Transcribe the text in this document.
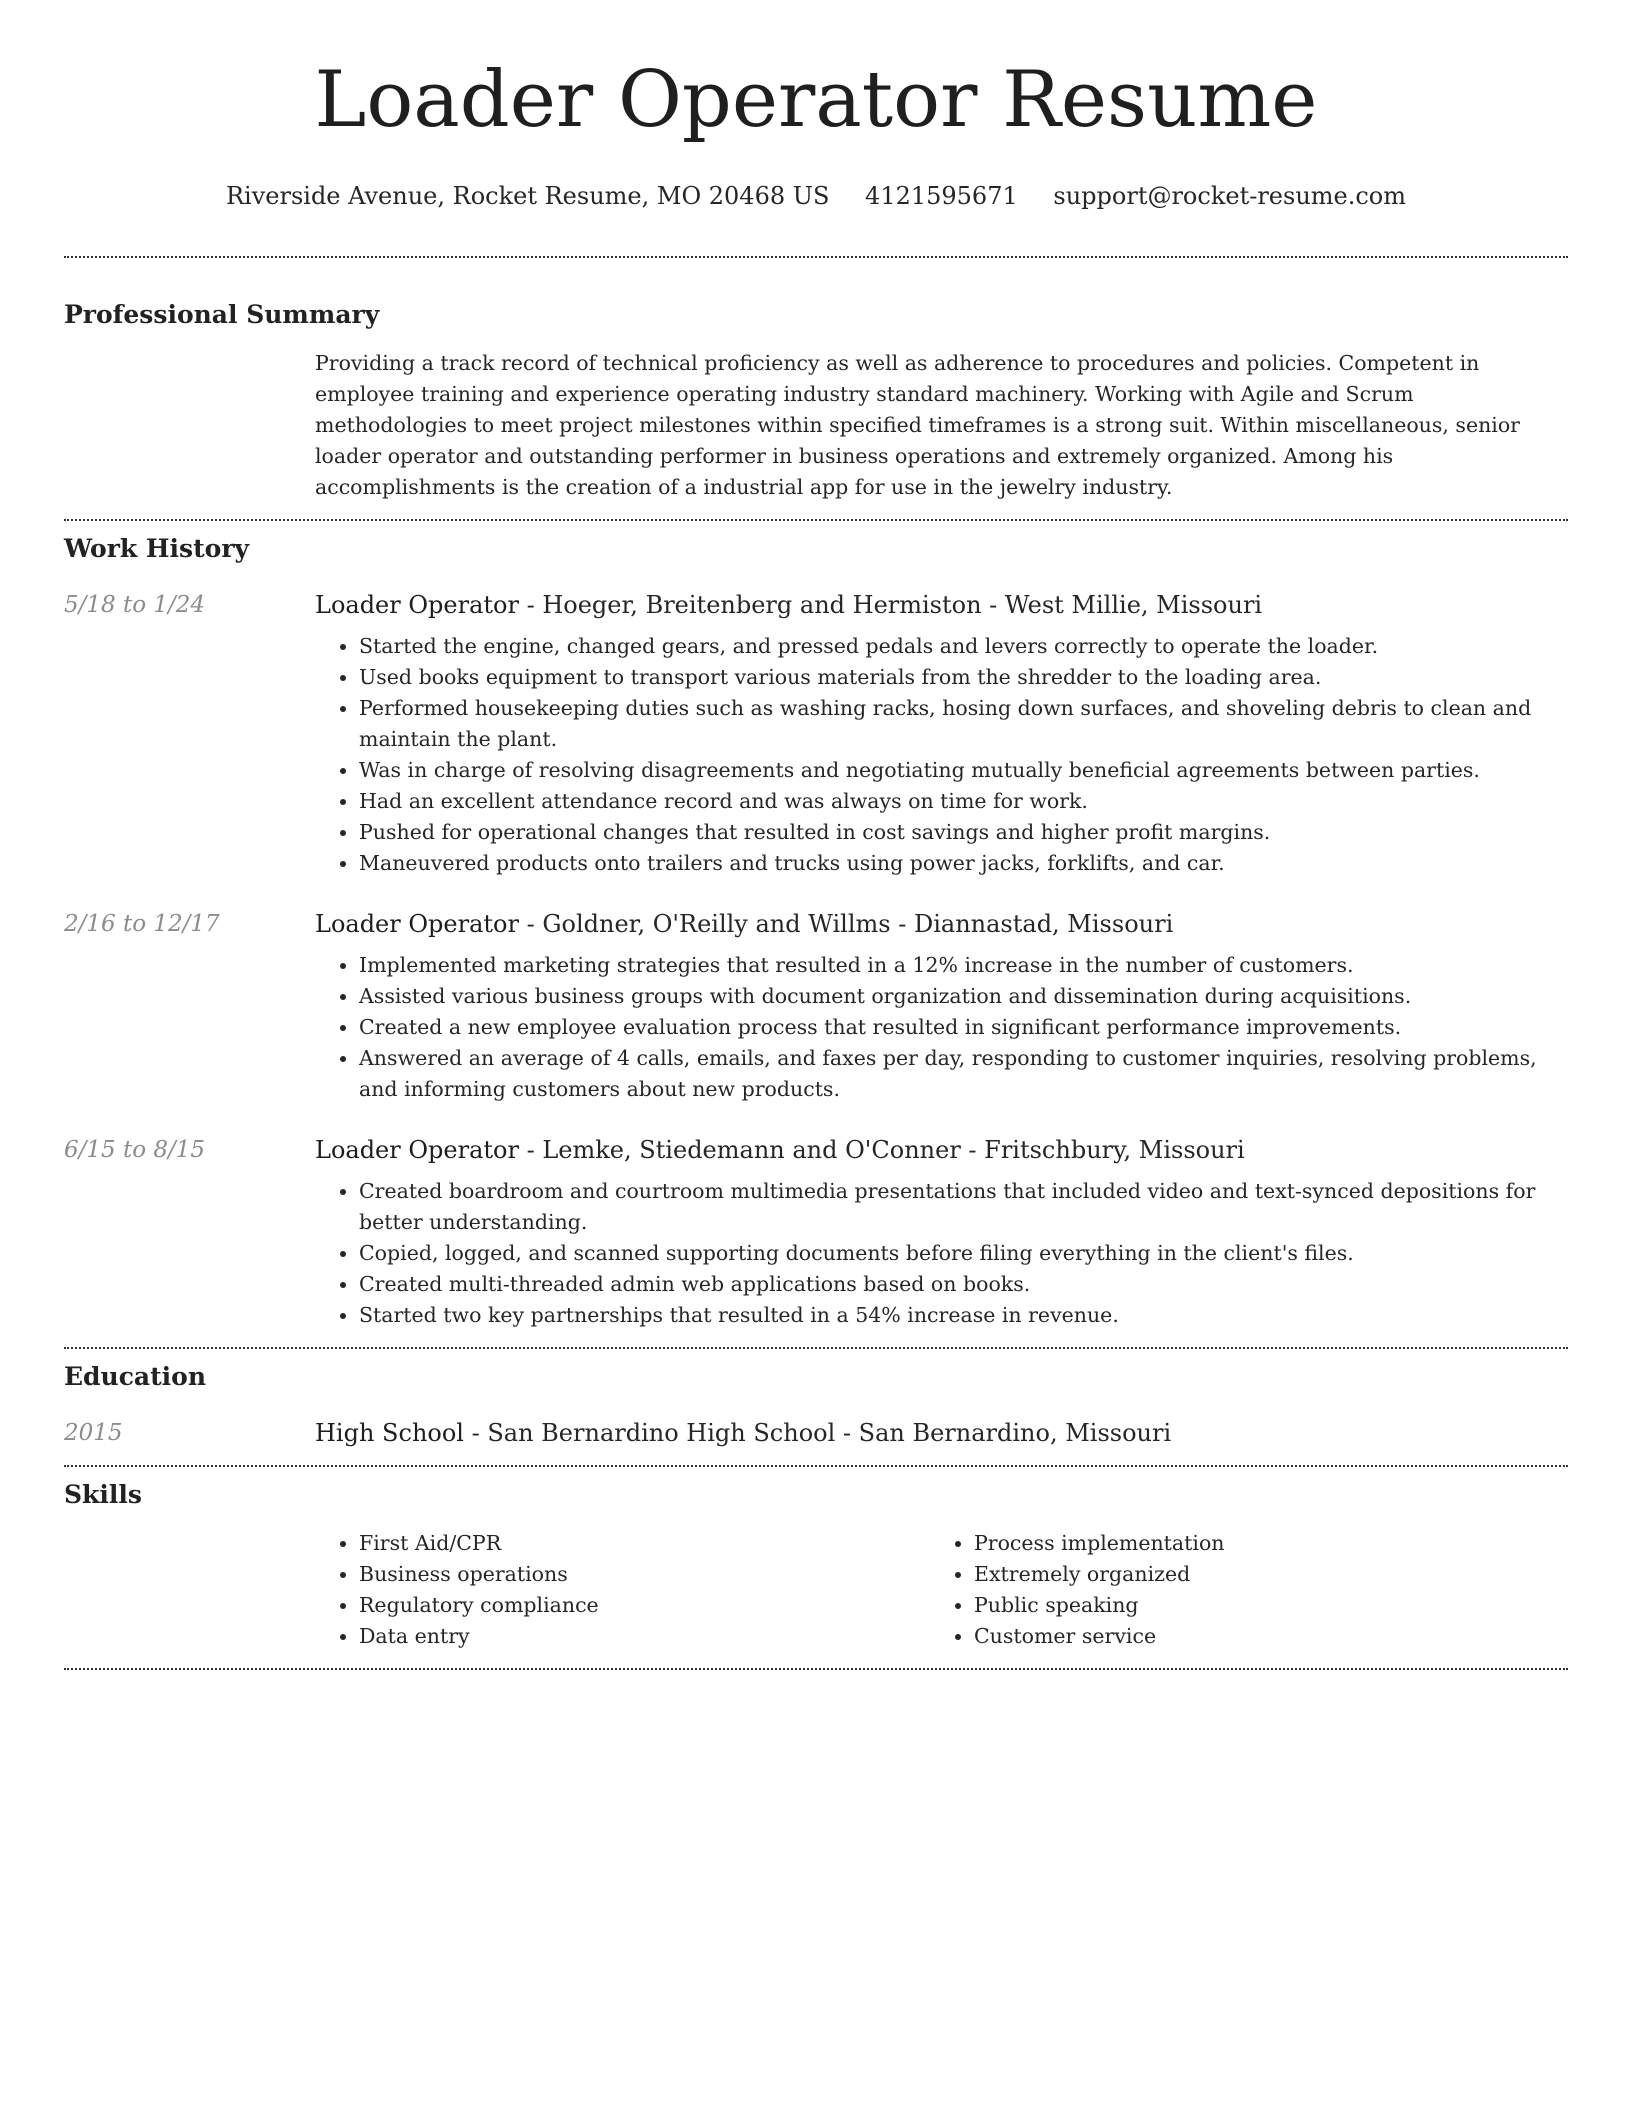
Loader Operator Resume
Riverside Avenue, Rocket Resume, MO 20468 US 4121595671 support@rocket-resume.com
Professional Summary

Providing a track record of technical proficiency as well as adherence to procedures and policies. Competent in employee training and experience operating industry standard machinery. Working with Agile and Scrum methodologies to meet project milestones within specified timeframes is a strong suit. Within miscellaneous, senior loader operator and outstanding performer in business operations and extremely organized. Among his accomplishments is the creation of a industrial app for use in the jewelry industry.

Work History
5/18 to 1/24	Loader Operator - Hoeger, Breitenberg and Hermiston - West Millie, Missouri
• Started the engine, changed gears, and pressed pedals and levers correctly to operate the loader.
• Used books equipment to transport various materials from the shredder to the loading area.
• Performed housekeeping duties such as washing racks, hosing down surfaces, and shoveling debris to clean and maintain the plant.
• Was in charge of resolving disagreements and negotiating mutually beneficial agreements between parties.
• Had an excellent attendance record and was always on time for work.
• Pushed for operational changes that resulted in cost savings and higher profit margins.
• Maneuvered products onto trailers and trucks using power jacks, forklifts, and car.
2/16 to 12/17	Loader Operator - Goldner, O'Reilly and Willms - Diannastad, Missouri
• Implemented marketing strategies that resulted in a 12% increase in the number of customers.
• Assisted various business groups with document organization and dissemination during acquisitions.
• Created a new employee evaluation process that resulted in significant performance improvements.
• Answered an average of 4 calls, emails, and faxes per day, responding to customer inquiries, resolving problems, and informing customers about new products.
6/15 to 8/15	Loader Operator - Lemke, Stiedemann and O'Conner - Fritschbury, Missouri
• Created boardroom and courtroom multimedia presentations that included video and text-synced depositions for better understanding.
• Copied, logged, and scanned supporting documents before filing everything in the client's files.
• Created multi-threaded admin web applications based on books.
• Started two key partnerships that resulted in a 54% increase in revenue.
Education
2015	High School - San Bernardino High School - San Bernardino, Missouri
Skills
• First Aid/CPR
• Business operations
• Regulatory compliance
• Data entry
• Process implementation
• Extremely organized
• Public speaking
• Customer service
